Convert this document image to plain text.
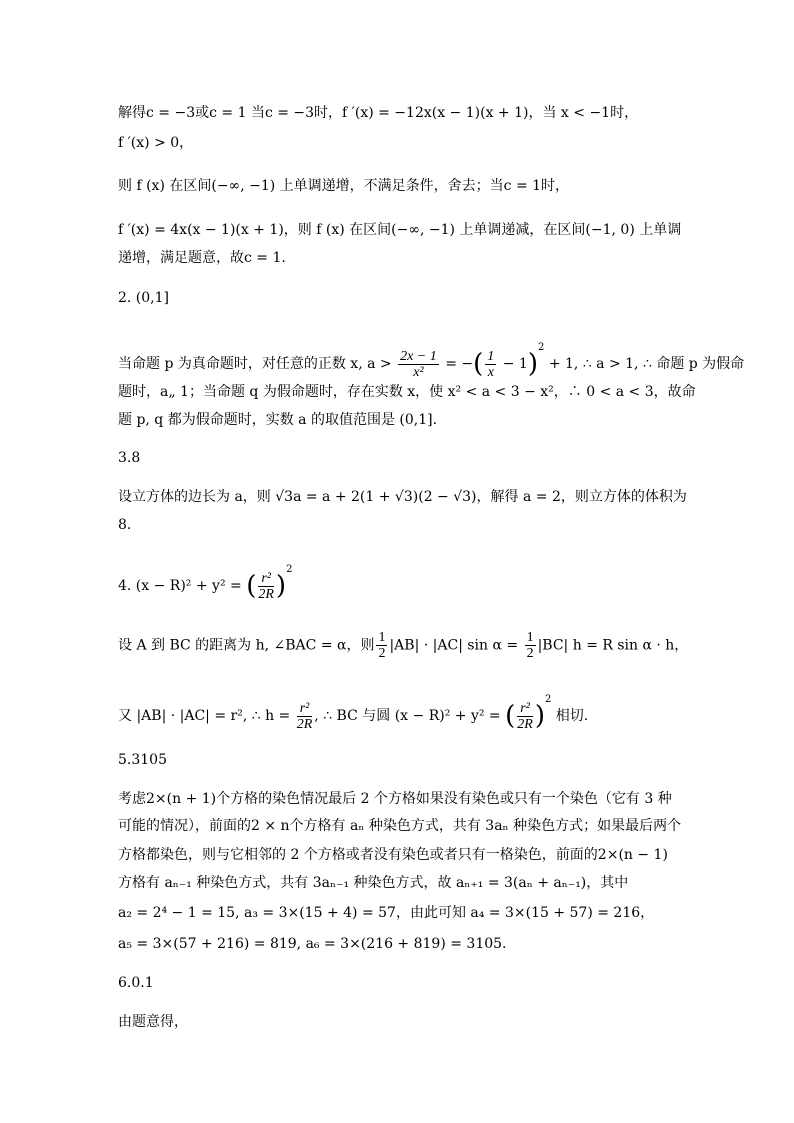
解得c = −3或c = 1 当c = −3时，f ′(x) = −12x(x − 1)(x + 1)，当 x < −1时，
f ′(x) > 0，
则 f (x) 在区间(−∞, −1) 上单调递增，不满足条件，舍去；当c = 1时，
f ′(x) = 4x(x − 1)(x + 1)，则 f (x) 在区间(−∞, −1) 上单调递减，在区间(−1, 0) 上单调
递增，满足题意，故c = 1.
2. (0,1]
题时，a„ 1；当命题 q 为假命题时，存在实数 x，使 x² < a < 3 − x²，∴ 0 < a < 3，故命
题 p, q 都为假命题时，实数 a 的取值范围是 (0,1].
3.8
设立方体的边长为 a，则 √3a = a + 2(1 + √3)(2 − √3)，解得 a = 2，则立方体的体积为
8.
5.3105
考虑2×(n + 1)个方格的染色情况最后 2 个方格如果没有染色或只有一个染色（它有 3 种
可能的情况），前面的2 × n个方格有 aₙ 种染色方式，共有 3aₙ 种染色方式；如果最后两个
方格都染色，则与它相邻的 2 个方格或者没有染色或者只有一格染色，前面的2×(n − 1)
方格有 aₙ₋₁ 种染色方式，共有 3aₙ₋₁ 种染色方式，故 aₙ₊₁ = 3(aₙ + aₙ₋₁)，其中
a₂ = 2⁴ − 1 = 15, a₃ = 3×(15 + 4) = 57，由此可知 a₄ = 3×(15 + 57) = 216，
a₅ = 3×(57 + 216) = 819, a₆ = 3×(216 + 819) = 3105.
6.0.1
由题意得，
当命题 p 为真命题时，对任意的正数 x, $a > \frac{2x - 1}{\text{x²}}$ = −( $\frac{1}{x} - 1)^2 + 1$, ∴ a > 1, ∴ 命题 p 为假命
4. (x − R)² + y² = ( $\frac{\text{r²}}{2R} )^2$
设 A 到 BC 的距离为 h, ∠BAC = α，则 $\frac{1}{2} |AB| \cdot |AC|$ $\sin \alpha = \frac{1}{2} |BC|$ h = R sin α · h，
又 |AB| · |AC| = r², ∴ $h = \frac{\text{r²}}{2R}$ , ∴ BC 与圆 (x − R)² + y² = ( $\frac{\text{r²}}{2R} )^2$ 相切.
